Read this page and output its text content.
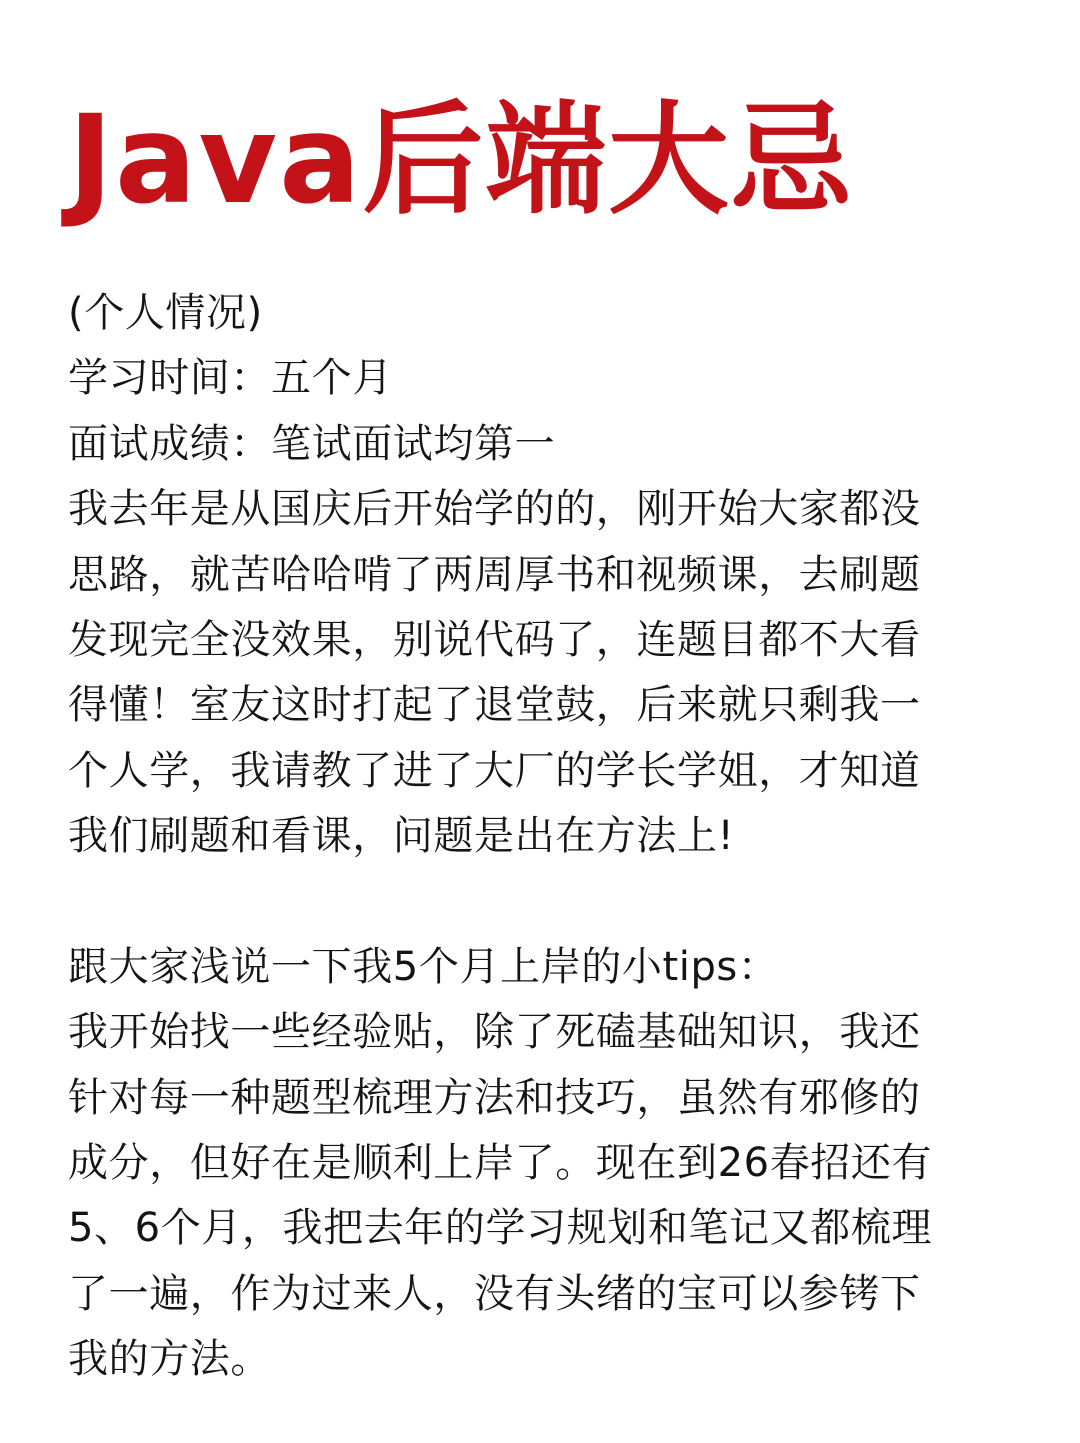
Java后端大忌
(个人情况)
学习时间：五个月
面试成绩：笔试面试均第一
我去年是从国庆后开始学的的，刚开始大家都没
思路，就苦哈哈啃了两周厚书和视频课，去刷题
发现完全没效果，别说代码了，连题目都不大看
得懂！室友这时打起了退堂鼓，后来就只剩我一
个人学，我请教了进了大厂的学长学姐，才知道
我们刷题和看课，问题是出在方法上!
跟大家浅说一下我5个月上岸的小tips：
我开始找一些经验贴，除了死磕基础知识，我还
针对每一种题型梳理方法和技巧，虽然有邪修的
成分，但好在是顺利上岸了。现在到26春招还有
5、6个月，我把去年的学习规划和笔记又都梳理
了一遍，作为过来人，没有头绪的宝可以参铐下
我的方法。
